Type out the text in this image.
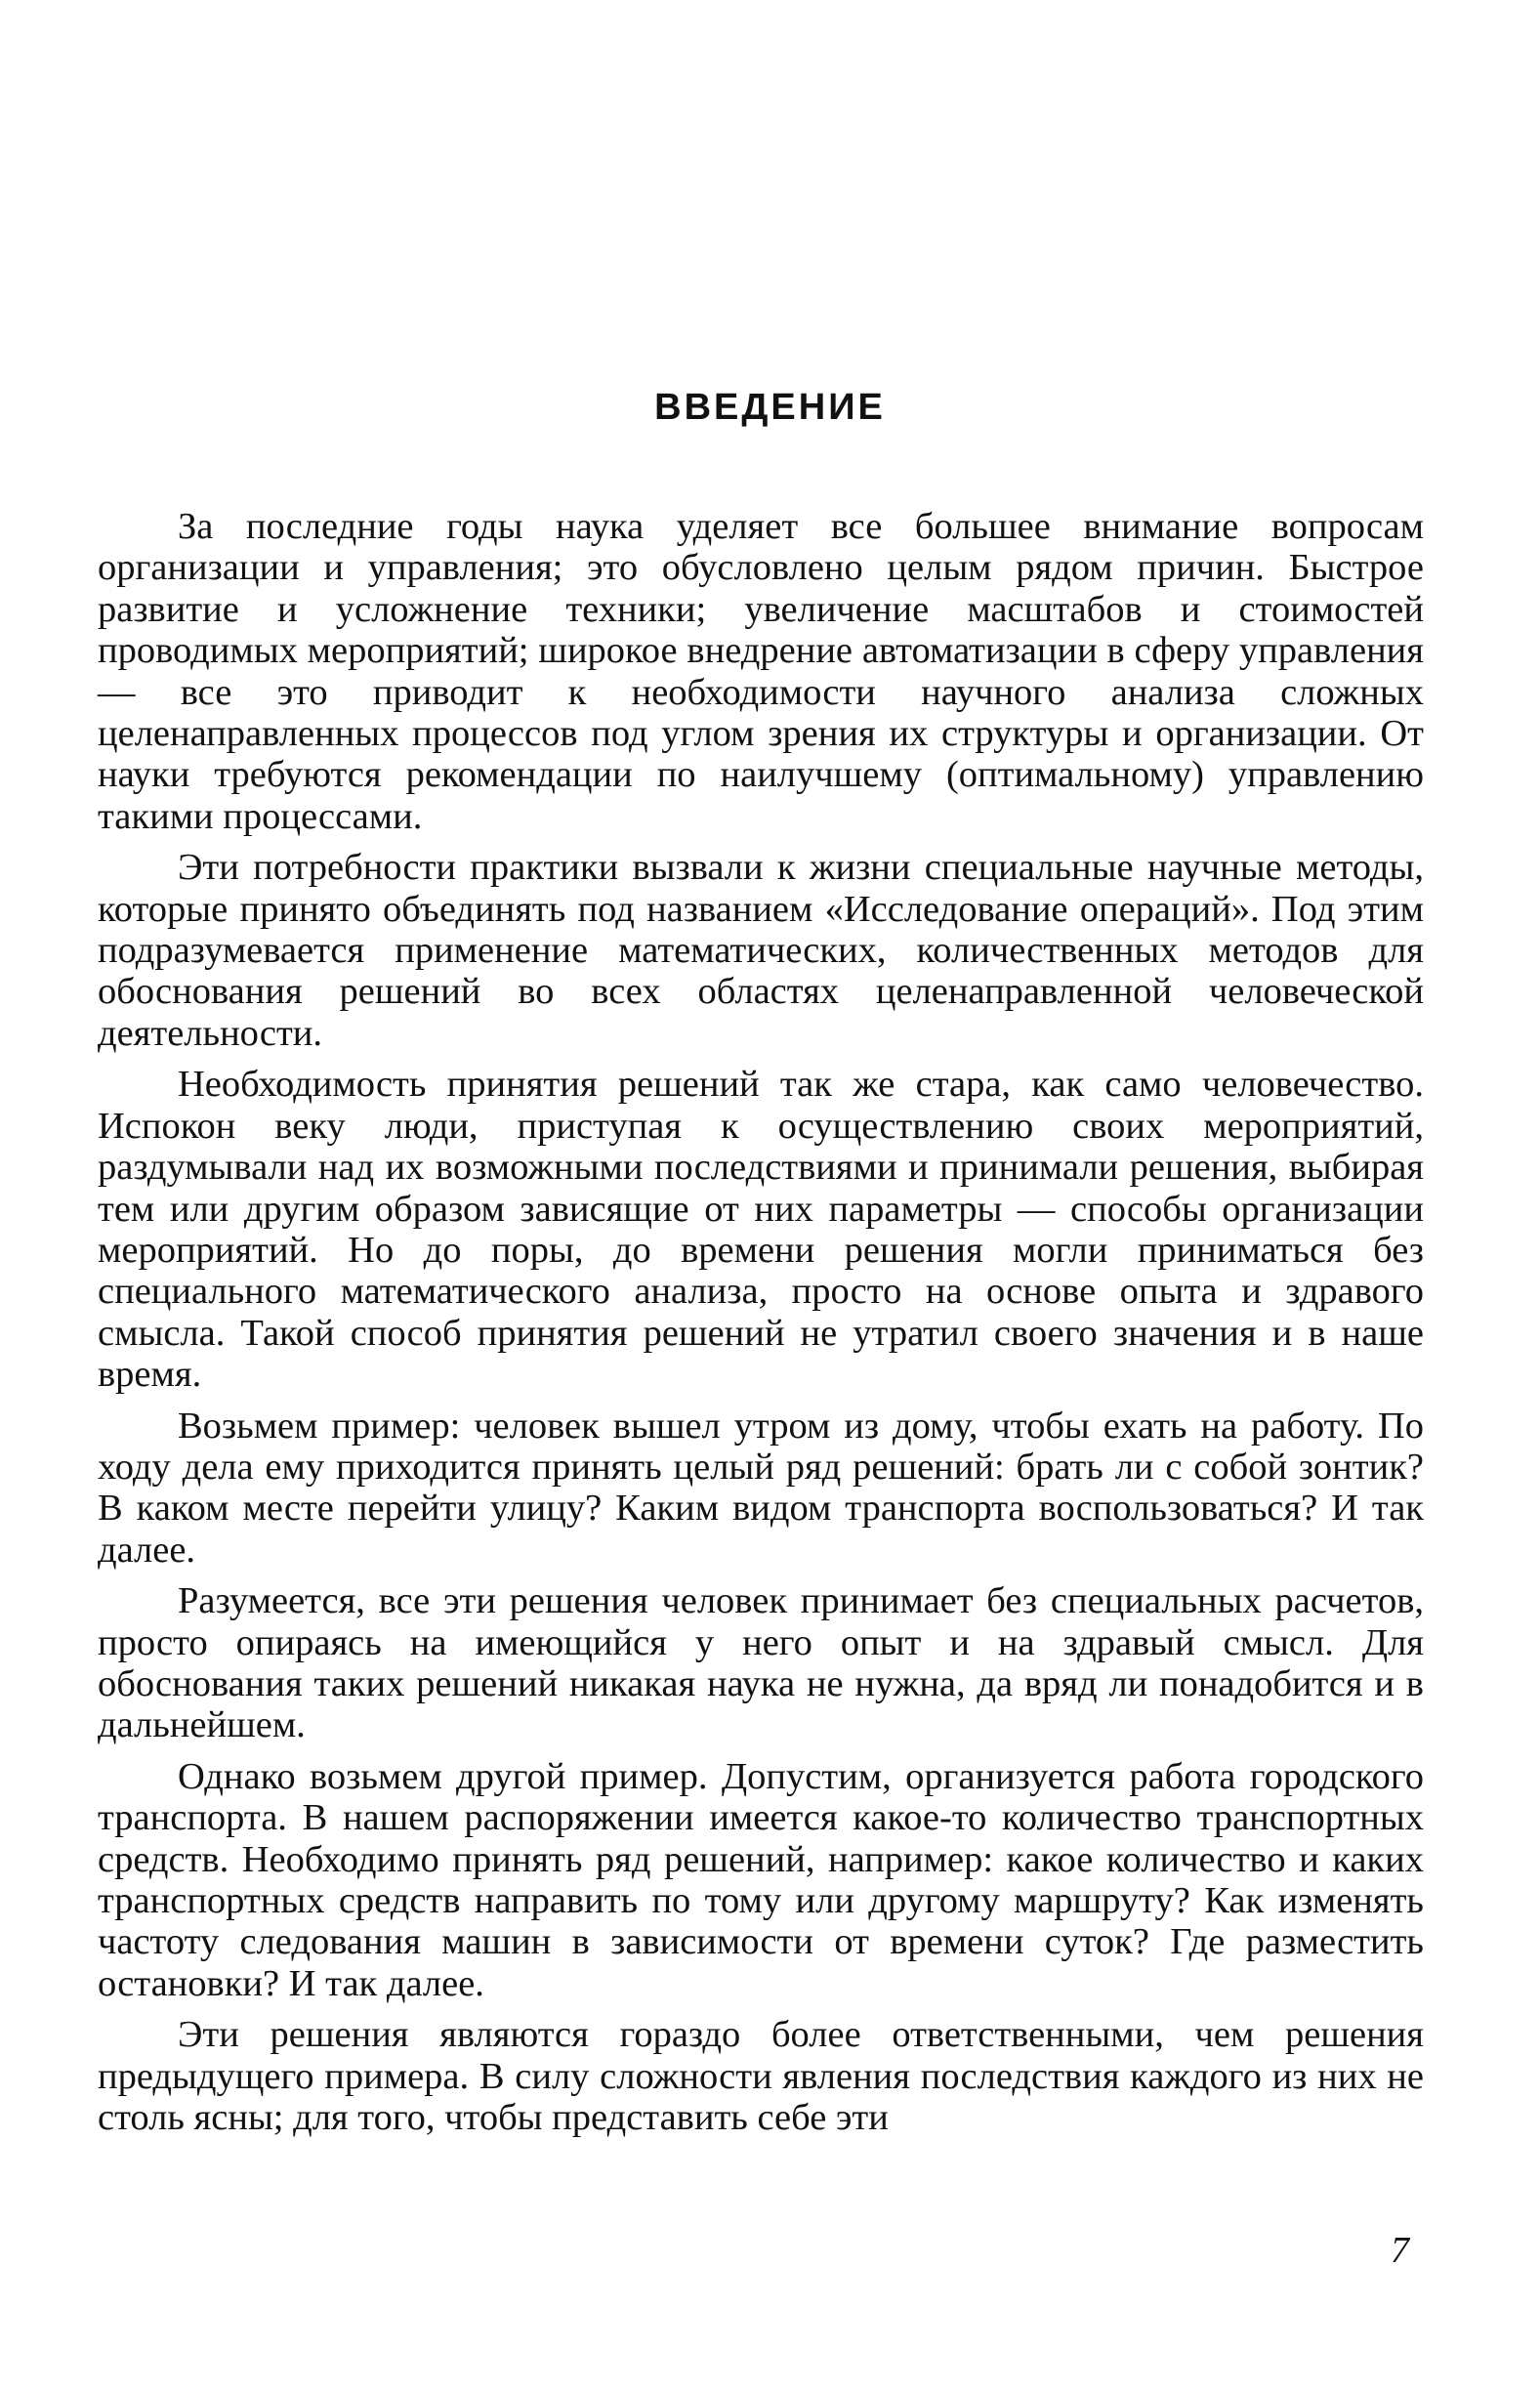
ВВЕДЕНИЕ

За последние годы наука уделяет все большее внимание вопросам организации и управления; это обусловлено целым рядом причин. Быстрое развитие и усложнение техники; увеличение масштабов и стоимостей проводимых мероприятий; широкое внедрение автоматизации в сферу управления — все это приводит к необходимости научного анализа сложных целенаправленных процессов под углом зрения их структуры и организации. От науки требуются рекомендации по наилучшему (оптимальному) управлению такими процессами.

Эти потребности практики вызвали к жизни специальные научные методы, которые принято объединять под названием «Исследование операций». Под этим подразумевается применение математических, количественных методов для обоснования решений во всех областях целенаправленной человеческой деятельности.

Необходимость принятия решений так же стара, как само человечество. Испокон веку люди, приступая к осуществлению своих мероприятий, раздумывали над их возможными последствиями и принимали решения, выбирая тем или другим образом зависящие от них параметры — способы организации мероприятий. Но до поры, до времени решения могли приниматься без специального математического анализа, просто на основе опыта и здравого смысла. Такой способ принятия решений не утратил своего значения и в наше время.

Возьмем пример: человек вышел утром из дому, чтобы ехать на работу. По ходу дела ему приходится принять целый ряд решений: брать ли с собой зонтик? В каком месте перейти улицу? Каким видом транспорта воспользоваться? И так далее.

Разумеется, все эти решения человек принимает без специальных расчетов, просто опираясь на имеющийся у него опыт и на здравый смысл. Для обоснования таких решений никакая наука не нужна, да вряд ли понадобится и в дальнейшем.

Однако возьмем другой пример. Допустим, организуется работа городского транспорта. В нашем распоряжении имеется какое-то количество транспортных средств. Необходимо принять ряд решений, например: какое количество и каких транспортных средств направить по тому или другому маршруту? Как изменять частоту следования машин в зависимости от времени суток? Где разместить остановки? И так далее.

Эти решения являются гораздо более ответственными, чем решения предыдущего примера. В силу сложности явления последствия каждого из них не столь ясны; для того, чтобы представить себе эти

7
